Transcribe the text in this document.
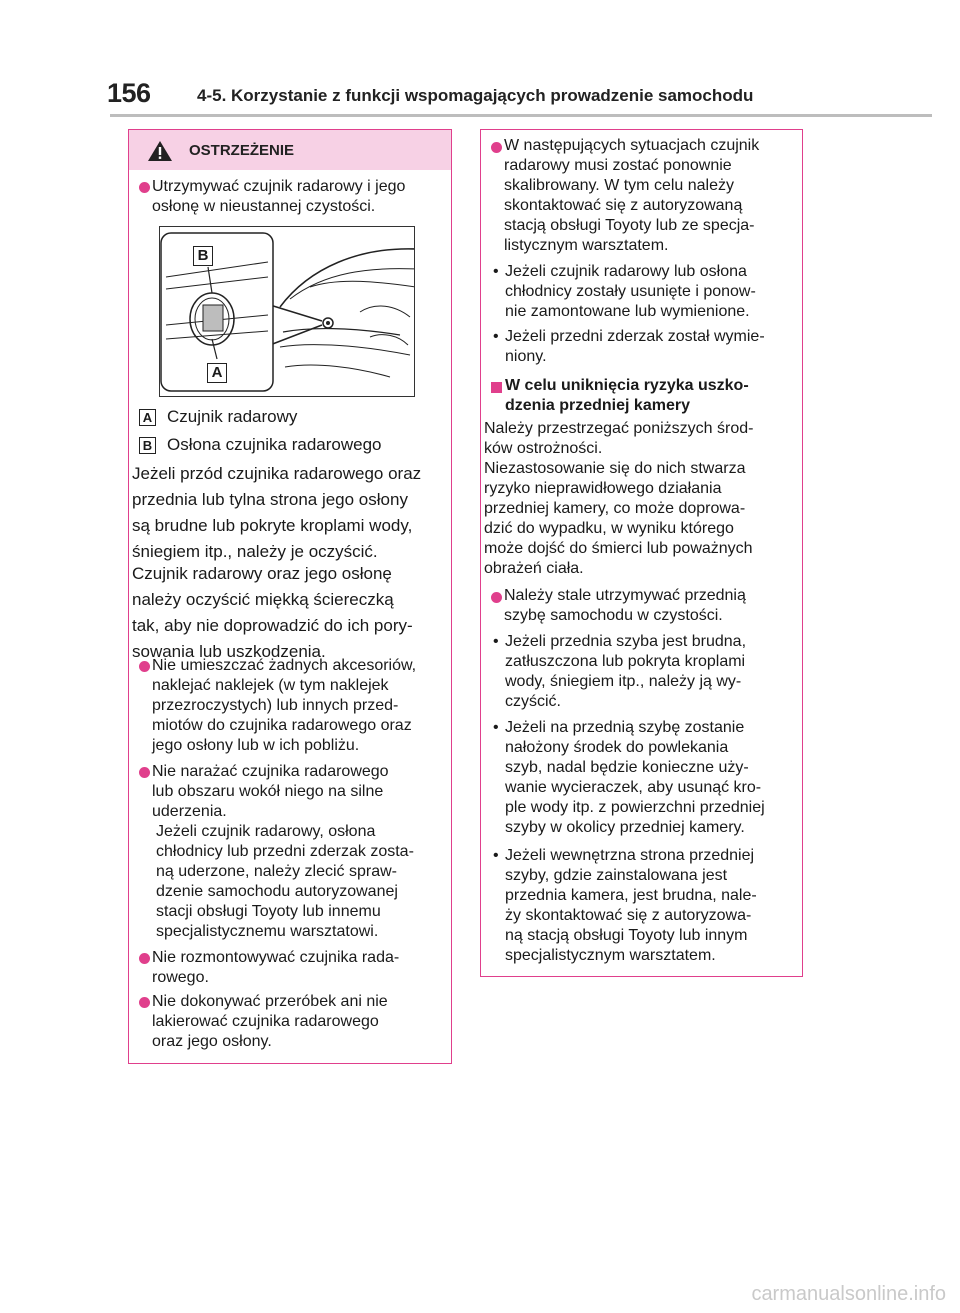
156	4-5. Korzystanie z funkcji wspomagających prowadzenie samochodu
OSTRZEŻENIE
Utrzymywać czujnik radarowy i jego
osłonę w nieustannej czystości.
B
A
A Czujnik radarowy
B Osłona czujnika radarowego
Jeżeli przód czujnika radarowego oraz
przednia lub tylna strona jego osłony
są brudne lub pokryte kroplami wody,
śniegiem itp., należy je oczyścić.
Czujnik radarowy oraz jego osłonę
należy oczyścić miękką ściereczką
tak, aby nie doprowadzić do ich pory-
sowania lub uszkodzenia.
Nie umieszczać żadnych akcesoriów,
naklejać naklejek (w tym naklejek
przezroczystych) lub innych przed-
miotów do czujnika radarowego oraz
jego osłony lub w ich pobliżu.
Nie narażać czujnika radarowego
lub obszaru wokół niego na silne
uderzenia.
Jeżeli czujnik radarowy, osłona
chłodnicy lub przedni zderzak zosta-
ną uderzone, należy zlecić spraw-
dzenie samochodu autoryzowanej
stacji obsługi Toyoty lub innemu
specjalistycznemu warsztatowi.
Nie rozmontowywać czujnika rada-
rowego.
Nie dokonywać przeróbek ani nie
lakierować czujnika radarowego
oraz jego osłony.
W następujących sytuacjach czujnik
radarowy musi zostać ponownie
skalibrowany. W tym celu należy
skontaktować się z autoryzowaną
stacją obsługi Toyoty lub ze specja-
listycznym warsztatem.
• Jeżeli czujnik radarowy lub osłona
chłodnicy zostały usunięte i ponow-
nie zamontowane lub wymienione.
• Jeżeli przedni zderzak został wymie-
niony.
W celu uniknięcia ryzyka uszko-
dzenia przedniej kamery
Należy przestrzegać poniższych środ-
ków ostrożności.
Niezastosowanie się do nich stwarza
ryzyko nieprawidłowego działania
przedniej kamery, co może doprowa-
dzić do wypadku, w wyniku którego
może dojść do śmierci lub poważnych
obrażeń ciała.
Należy stale utrzymywać przednią
szybę samochodu w czystości.
• Jeżeli przednia szyba jest brudna,
zatłuszczona lub pokryta kroplami
wody, śniegiem itp., należy ją wy-
czyścić.
• Jeżeli na przednią szybę zostanie
nałożony środek do powlekania
szyb, nadal będzie konieczne uży-
wanie wycieraczek, aby usunąć kro-
ple wody itp. z powierzchni przedniej
szyby w okolicy przedniej kamery.
• Jeżeli wewnętrzna strona przedniej
szyby, gdzie zainstalowana jest
przednia kamera, jest brudna, nale-
ży skontaktować się z autoryzowa-
ną stacją obsługi Toyoty lub innym
specjalistycznym warsztatem.
carmanualsonline.info
